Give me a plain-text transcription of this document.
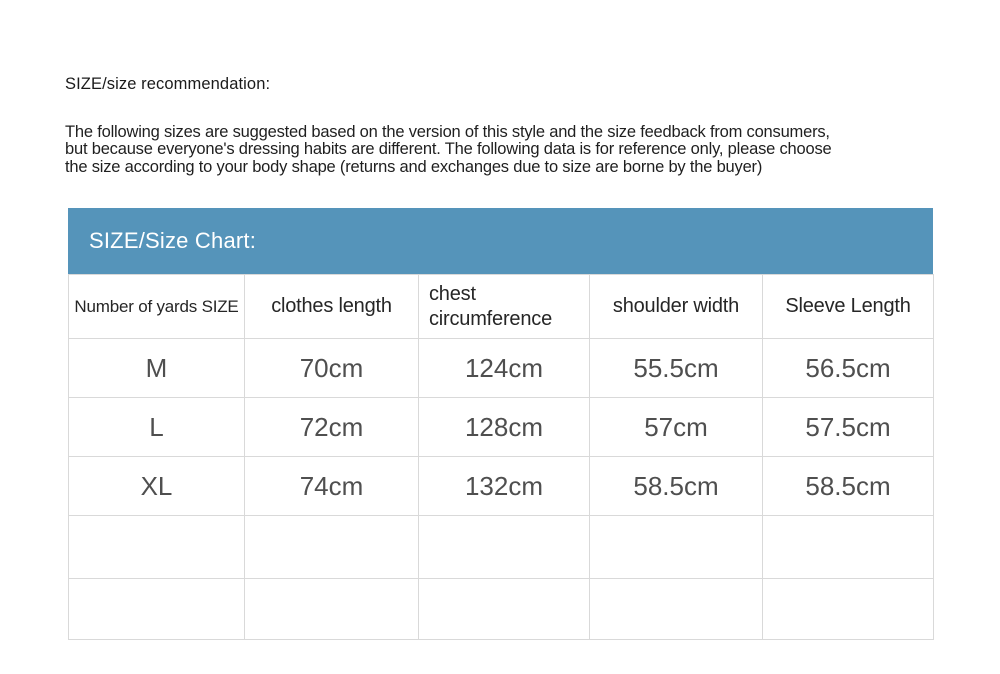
SIZE/size recommendation:
The following sizes are suggested based on the version of this style and the size feedback from consumers,
but because everyone's dressing habits are different. The following data is for reference only, please choose
the size according to your body shape (returns and exchanges due to size are borne by the buyer)
SIZE/Size Chart:
Number of yards SIZE	clothes length	chest circumference	shoulder width	Sleeve Length
M	70cm	124cm	55.5cm	56.5cm
L	72cm	128cm	57cm	57.5cm
XL	74cm	132cm	58.5cm	58.5cm
